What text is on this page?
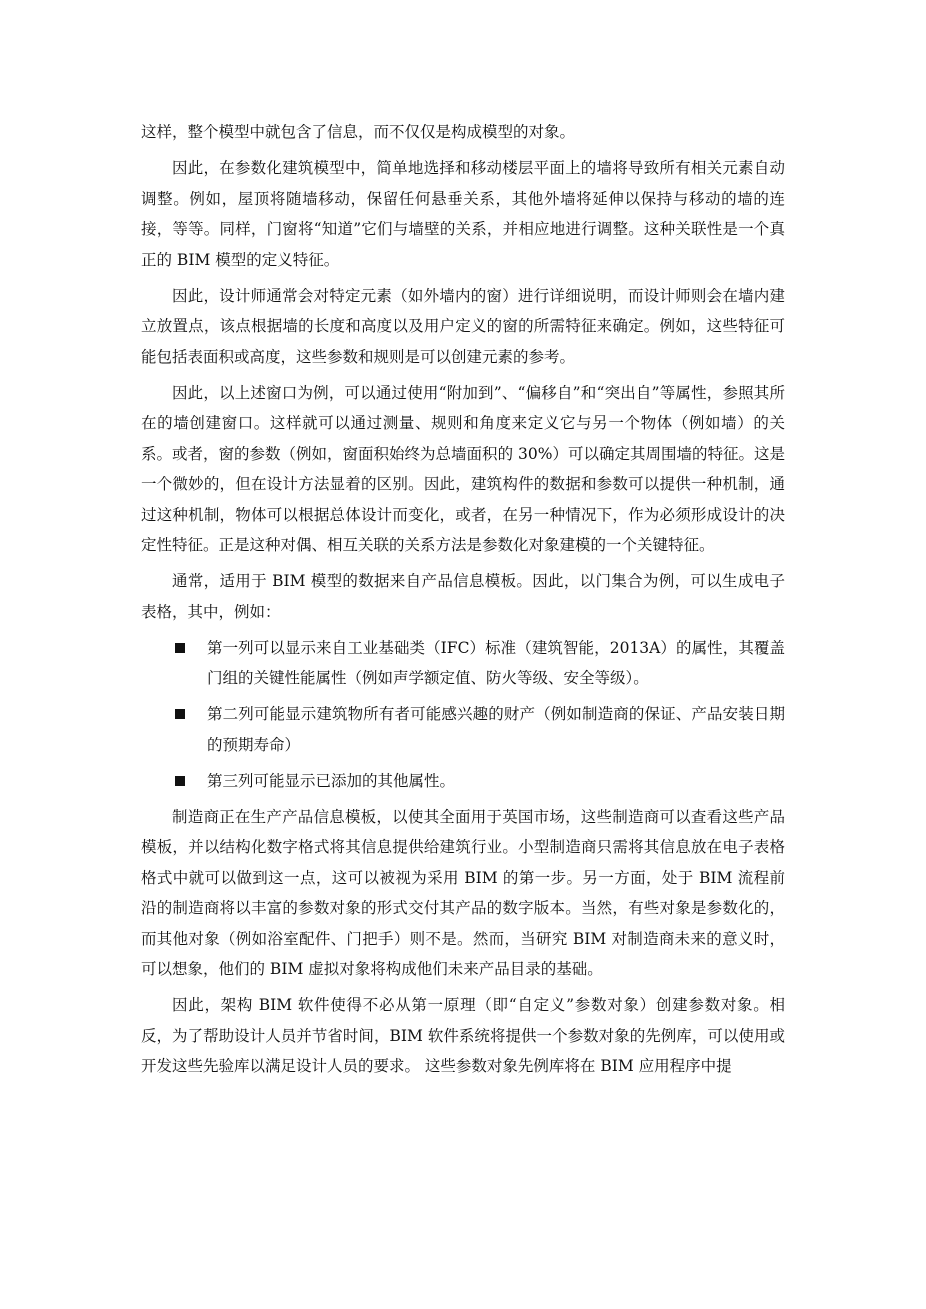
这样，整个模型中就包含了信息，而不仅仅是构成模型的对象。

因此，在参数化建筑模型中，简单地选择和移动楼层平面上的墙将导致所有相关元素自动调整。例如，屋顶将随墙移动，保留任何悬垂关系，其他外墙将延伸以保持与移动的墙的连接，等等。同样，门窗将“知道”它们与墙壁的关系，并相应地进行调整。这种关联性是一个真正的 BIM 模型的定义特征。

因此，设计师通常会对特定元素（如外墙内的窗）进行详细说明，而设计师则会在墙内建立放置点，该点根据墙的长度和高度以及用户定义的窗的所需特征来确定。例如，这些特征可能包括表面积或高度，这些参数和规则是可以创建元素的参考。

因此，以上述窗口为例，可以通过使用“附加到”、“偏移自”和“突出自”等属性，参照其所在的墙创建窗口。这样就可以通过测量、规则和角度来定义它与另一个物体（例如墙）的关系。或者，窗的参数（例如，窗面积始终为总墙面积的 30%）可以确定其周围墙的特征。这是一个微妙的，但在设计方法显着的区别。因此，建筑构件的数据和参数可以提供一种机制，通过这种机制，物体可以根据总体设计而变化，或者，在另一种情况下，作为必须形成设计的决定性特征。正是这种对偶、相互关联的关系方法是参数化对象建模的一个关键特征。

通常，适用于 BIM 模型的数据来自产品信息模板。因此，以门集合为例，可以生成电子表格，其中，例如：

第一列可以显示来自工业基础类（IFC）标准（建筑智能，2013A）的属性，其覆盖门组的关键性能属性（例如声学额定值、防火等级、安全等级）。
第二列可能显示建筑物所有者可能感兴趣的财产（例如制造商的保证、产品安装日期的预期寿命）
第三列可能显示已添加的其他属性。

制造商正在生产产品信息模板，以使其全面用于英国市场，这些制造商可以查看这些产品模板，并以结构化数字格式将其信息提供给建筑行业。小型制造商只需将其信息放在电子表格格式中就可以做到这一点，这可以被视为采用 BIM 的第一步。另一方面，处于 BIM 流程前沿的制造商将以丰富的参数对象的形式交付其产品的数字版本。当然，有些对象是参数化的，而其他对象（例如浴室配件、门把手）则不是。然而，当研究 BIM 对制造商未来的意义时，可以想象，他们的 BIM 虚拟对象将构成他们未来产品目录的基础。

因此，架构 BIM 软件使得不必从第一原理（即“自定义”参数对象）创建参数对象。相反，为了帮助设计人员并节省时间，BIM 软件系统将提供一个参数对象的先例库，可以使用或开发这些先验库以满足设计人员的要求。 这些参数对象先例库将在 BIM 应用程序中提
